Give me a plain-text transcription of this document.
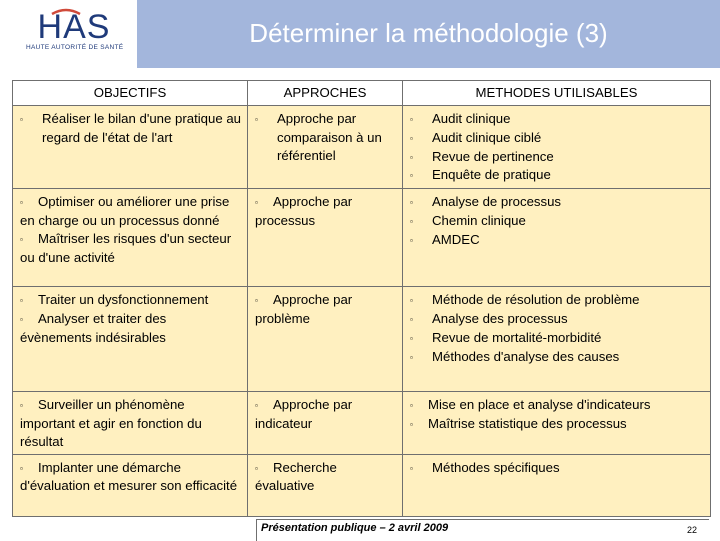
HAS
HAUTE AUTORITÉ DE SANTÉ	Déterminer la méthodologie (3)
OBJECTIFS	APPROCHES	METHODES UTILISABLES

▫ Réaliser le bilan d'une pratique au regard de l'état de l'art	▫ Approche par comparaison à un référentiel	▫ Audit clinique
▫ Audit clinique ciblé
▫ Revue de pertinence
▫ Enquête de pratique

▫ Optimiser ou améliorer une prise en charge ou un processus donné
▫ Maîtriser les risques d'un secteur ou d'une activité	▫ Approche par processus	▫ Analyse de processus
▫ Chemin clinique
▫ AMDEC

▫ Traiter un dysfonctionnement
▫ Analyser et traiter des évènements indésirables	▫ Approche par problème	▫ Méthode de résolution de problème
▫ Analyse des processus
▫ Revue de mortalité-morbidité
▫ Méthodes d'analyse des causes

▫ Surveiller un phénomène important et agir en fonction du résultat	▫ Approche par indicateur	▫ Mise en place et analyse d'indicateurs
▫ Maîtrise statistique des processus

▫ Implanter une démarche d'évaluation et mesurer son efficacité	▫ Recherche évaluative	▫ Méthodes spécifiques
Présentation publique – 2 avril 2009	22
